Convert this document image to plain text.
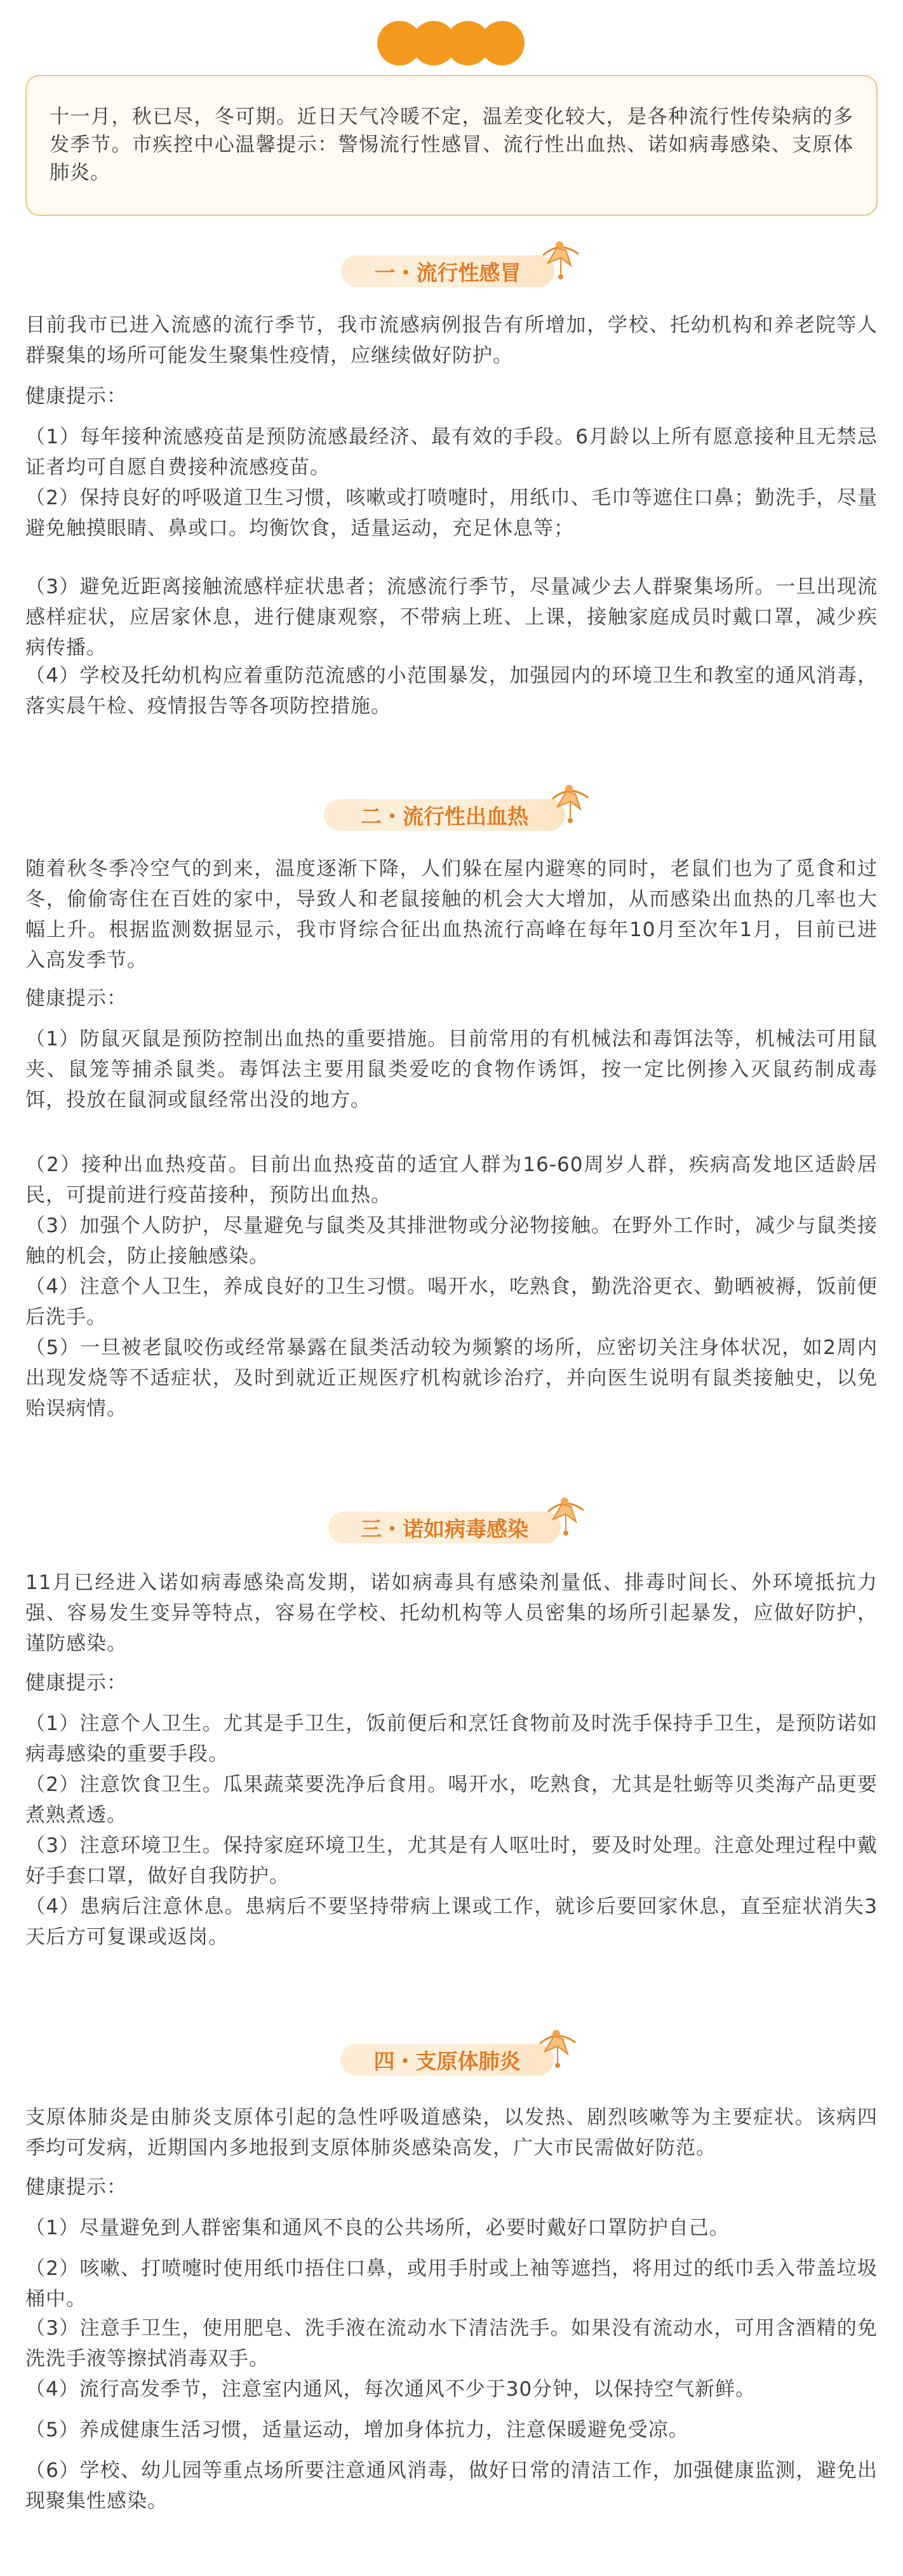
十一月，秋已尽，冬可期。近日天气冷暖不定，温差变化较大，是各种流行性传染病的多发季节。市疾控中心温馨提示：警惕流行性感冒、流行性出血热、诺如病毒感染、支原体肺炎。

一・流行性感冒
目前我市已进入流感的流行季节，我市流感病例报告有所增加，学校、托幼机构和养老院等人群聚集的场所可能发生聚集性疫情，应继续做好防护。
健康提示：
（1）每年接种流感疫苗是预防流感最经济、最有效的手段。6月龄以上所有愿意接种且无禁忌证者均可自愿自费接种流感疫苗。
（2）保持良好的呼吸道卫生习惯，咳嗽或打喷嚏时，用纸巾、毛巾等遮住口鼻；勤洗手，尽量避免触摸眼睛、鼻或口。均衡饮食，适量运动，充足休息等；
（3）避免近距离接触流感样症状患者；流感流行季节，尽量减少去人群聚集场所。一旦出现流感样症状，应居家休息，进行健康观察，不带病上班、上课，接触家庭成员时戴口罩，减少疾病传播。
（4）学校及托幼机构应着重防范流感的小范围暴发，加强园内的环境卫生和教室的通风消毒，落实晨午检、疫情报告等各项防控措施。
二・流行性出血热
随着秋冬季冷空气的到来，温度逐渐下降，人们躲在屋内避寒的同时，老鼠们也为了觅食和过冬，偷偷寄住在百姓的家中，导致人和老鼠接触的机会大大增加，从而感染出血热的几率也大幅上升。根据监测数据显示，我市肾综合征出血热流行高峰在每年10月至次年1月，目前已进入高发季节。
健康提示：
（1）防鼠灭鼠是预防控制出血热的重要措施。目前常用的有机械法和毒饵法等，机械法可用鼠夹、鼠笼等捕杀鼠类。毒饵法主要用鼠类爱吃的食物作诱饵，按一定比例掺入灭鼠药制成毒饵，投放在鼠洞或鼠经常出没的地方。
（2）接种出血热疫苗。目前出血热疫苗的适宜人群为16-60周岁人群，疾病高发地区适龄居民，可提前进行疫苗接种，预防出血热。
（3）加强个人防护，尽量避免与鼠类及其排泄物或分泌物接触。在野外工作时，减少与鼠类接触的机会，防止接触感染。
（4）注意个人卫生，养成良好的卫生习惯。喝开水，吃熟食，勤洗浴更衣、勤晒被褥，饭前便后洗手。
（5）一旦被老鼠咬伤或经常暴露在鼠类活动较为频繁的场所，应密切关注身体状况，如2周内出现发烧等不适症状，及时到就近正规医疗机构就诊治疗，并向医生说明有鼠类接触史，以免贻误病情。
三・诺如病毒感染
11月已经进入诺如病毒感染高发期，诺如病毒具有感染剂量低、排毒时间长、外环境抵抗力强、容易发生变异等特点，容易在学校、托幼机构等人员密集的场所引起暴发，应做好防护，谨防感染。
健康提示：
（1）注意个人卫生。尤其是手卫生，饭前便后和烹饪食物前及时洗手保持手卫生，是预防诺如病毒感染的重要手段。
（2）注意饮食卫生。瓜果蔬菜要洗净后食用。喝开水，吃熟食，尤其是牡蛎等贝类海产品更要煮熟煮透。
（3）注意环境卫生。保持家庭环境卫生，尤其是有人呕吐时，要及时处理。注意处理过程中戴好手套口罩，做好自我防护。
（4）患病后注意休息。患病后不要坚持带病上课或工作，就诊后要回家休息，直至症状消失3天后方可复课或返岗。
四・支原体肺炎
支原体肺炎是由肺炎支原体引起的急性呼吸道感染，以发热、剧烈咳嗽等为主要症状。该病四季均可发病，近期国内多地报到支原体肺炎感染高发，广大市民需做好防范。
健康提示：
（1）尽量避免到人群密集和通风不良的公共场所，必要时戴好口罩防护自己。
（2）咳嗽、打喷嚏时使用纸巾捂住口鼻，或用手肘或上袖等遮挡，将用过的纸巾丢入带盖垃圾桶中。
（3）注意手卫生，使用肥皂、洗手液在流动水下清洁洗手。如果没有流动水，可用含酒精的免洗洗手液等擦拭消毒双手。
（4）流行高发季节，注意室内通风，每次通风不少于30分钟，以保持空气新鲜。
（5）养成健康生活习惯，适量运动，增加身体抗力，注意保暖避免受凉。
（6）学校、幼儿园等重点场所要注意通风消毒，做好日常的清洁工作，加强健康监测，避免出现聚集性感染。
